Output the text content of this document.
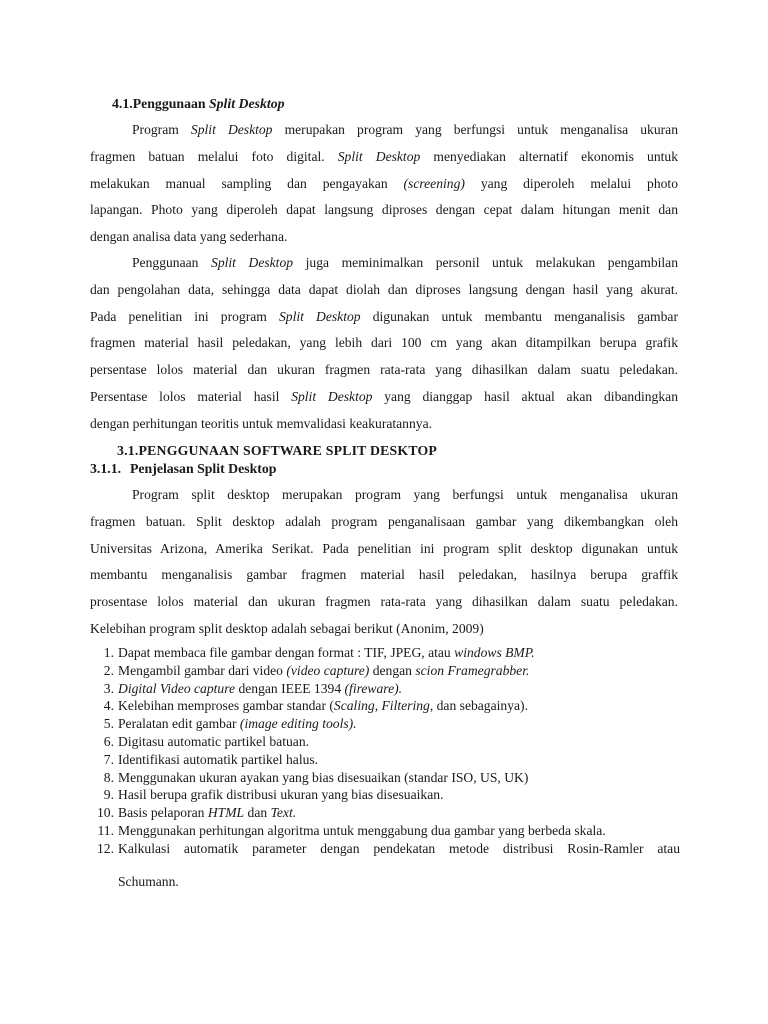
4.1.Penggunaan Split Desktop
Program Split Desktop merupakan program yang berfungsi untuk menganalisa ukuran
fragmen batuan melalui foto digital. Split Desktop menyediakan alternatif ekonomis untuk
melakukan manual sampling dan pengayakan (screening) yang diperoleh melalui photo
lapangan. Photo yang diperoleh dapat langsung diproses dengan cepat dalam hitungan menit dan
dengan analisa data yang sederhana.
Penggunaan Split Desktop juga meminimalkan personil untuk melakukan pengambilan
dan pengolahan data, sehingga data dapat diolah dan diproses langsung dengan hasil yang akurat.
Pada penelitian ini program Split Desktop digunakan untuk membantu menganalisis gambar
fragmen material hasil peledakan, yang lebih dari 100 cm yang akan ditampilkan berupa grafik
persentase lolos material dan ukuran fragmen rata-rata yang dihasilkan dalam suatu peledakan.
Persentase lolos material hasil Split Desktop yang dianggap hasil aktual akan dibandingkan
dengan perhitungan teoritis untuk memvalidasi keakuratannya.
3.1.PENGGUNAAN SOFTWARE SPLIT DESKTOP
3.1.1. Penjelasan Split Desktop
Program split desktop merupakan program yang berfungsi untuk menganalisa ukuran
fragmen batuan. Split desktop adalah program penganalisaan gambar yang dikembangkan oleh
Universitas Arizona, Amerika Serikat. Pada penelitian ini program split desktop digunakan untuk
membantu menganalisis gambar fragmen material hasil peledakan, hasilnya berupa graffik
prosentase lolos material dan ukuran fragmen rata-rata yang dihasilkan dalam suatu peledakan.
Kelebihan program split desktop adalah sebagai berikut (Anonim, 2009)
1. Dapat membaca file gambar dengan format : TIF, JPEG, atau windows BMP.
2. Mengambil gambar dari video (video capture) dengan scion Framegrabber.
3. Digital Video capture dengan IEEE 1394 (fireware).
4. Kelebihan memproses gambar standar (Scaling, Filtering, dan sebagainya).
5. Peralatan edit gambar (image editing tools).
6. Digitasu automatic partikel batuan.
7. Identifikasi automatik partikel halus.
8. Menggunakan ukuran ayakan yang bias disesuaikan (standar ISO, US, UK)
9. Hasil berupa grafik distribusi ukuran yang bias disesuaikan.
10. Basis pelaporan HTML dan Text.
11. Menggunakan perhitungan algoritma untuk menggabung dua gambar yang berbeda skala.
12. Kalkulasi automatik parameter dengan pendekatan metode distribusi Rosin-Ramler atau
Schumann.
